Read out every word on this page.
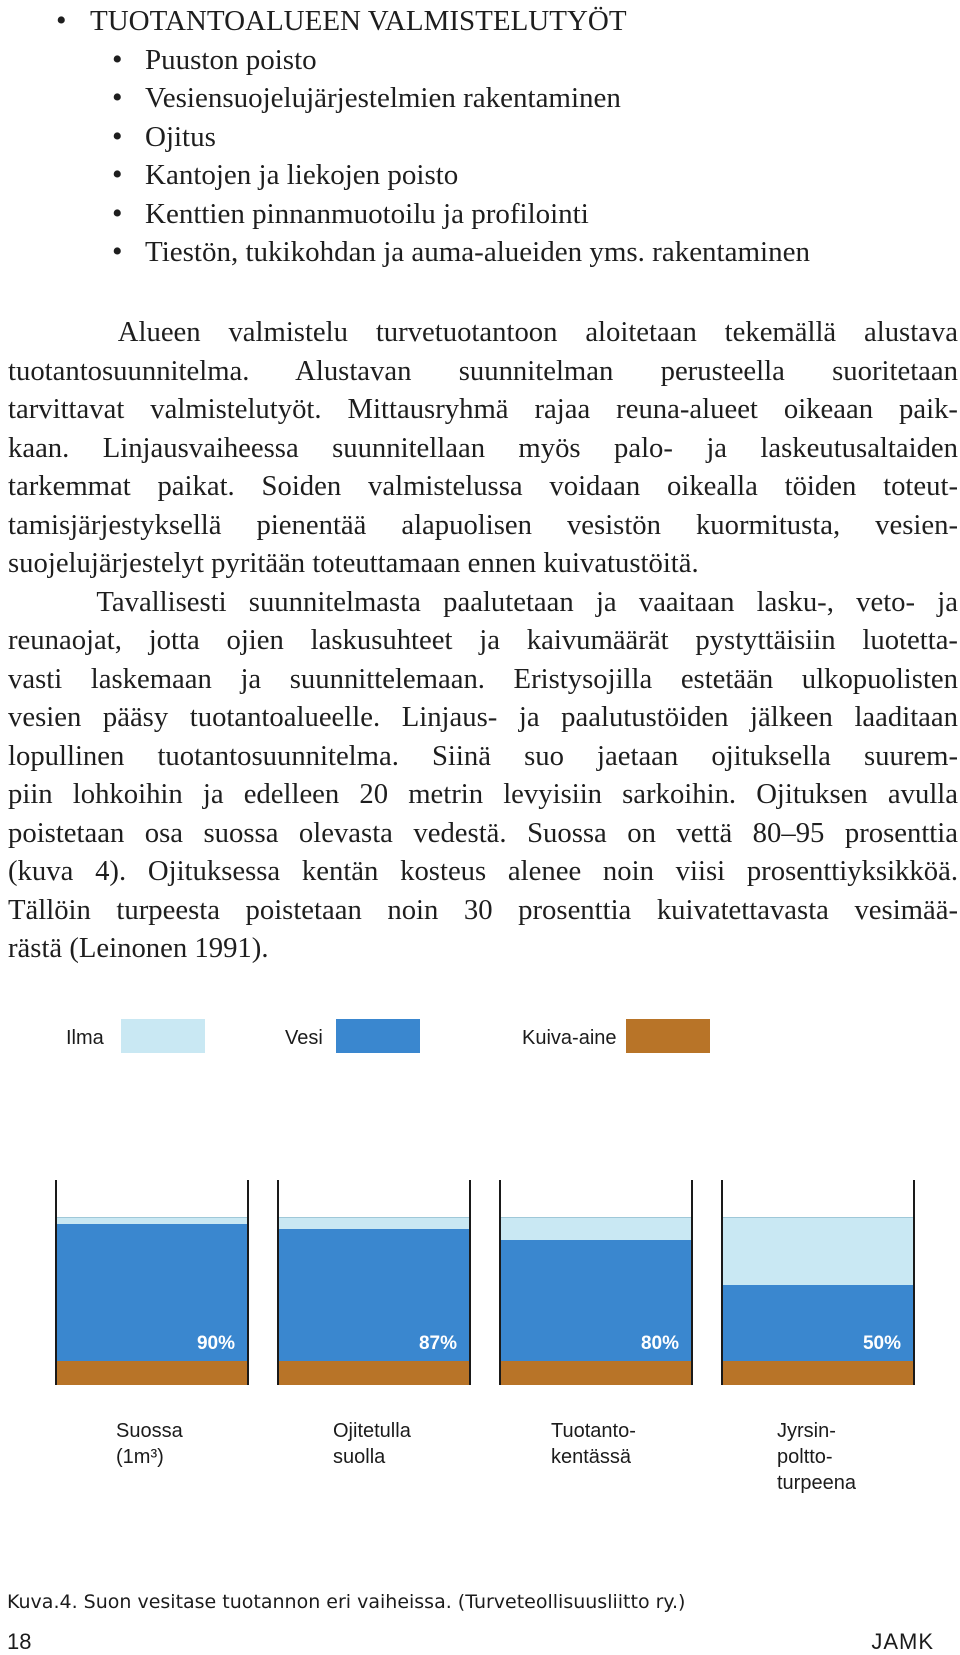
• TUOTANTOALUEEN VALMISTELUTYÖT
• Puuston poisto
• Vesiensuojelujärjestelmien rakentaminen
• Ojitus
• Kantojen ja liekojen poisto
• Kenttien pinnanmuotoilu ja profilointi
• Tiestön, tukikohdan ja auma-alueiden yms. rakentaminen
Alueen valmistelu turvetuotantoon aloitetaan tekemällä alustava
tuotantosuunnitelma. Alustavan suunnitelman perusteella suoritetaan
tarvittavat valmistelutyöt. Mittausryhmä rajaa reuna-alueet oikeaan paik-
kaan. Linjausvaiheessa suunnitellaan myös palo- ja laskeutusaltaiden
tarkemmat paikat. Soiden valmistelussa voidaan oikealla töiden toteut-
tamisjärjestyksellä pienentää alapuolisen vesistön kuormitusta, vesien-
suojelujärjestelyt pyritään toteuttamaan ennen kuivatustöitä.
Tavallisesti suunnitelmasta paalutetaan ja vaaitaan lasku-, veto- ja
reunaojat, jotta ojien laskusuhteet ja kaivumäärät pystyttäisiin luotetta-
vasti laskemaan ja suunnittelemaan. Eristysojilla estetään ulkopuolisten
vesien pääsy tuotantoalueelle. Linjaus- ja paalutustöiden jälkeen laaditaan
lopullinen tuotantosuunnitelma. Siinä suo jaetaan ojituksella suurem-
piin lohkoihin ja edelleen 20 metrin levyisiin sarkoihin. Ojituksen avulla
poistetaan osa suossa olevasta vedestä. Suossa on vettä 80–95 prosenttia
(kuva 4). Ojituksessa kentän kosteus alenee noin viisi prosenttiyksikköä.
Tällöin turpeesta poistetaan noin 30 prosenttia kuivatettavasta vesimää-
rästä (Leinonen 1991).
Ilma	Vesi	Kuiva-aine
90%	87%	80%	50%
Suossa
(1m³)
Ojitetulla
suolla
Tuotanto-
kentässä
Jyrsin-
poltto-
turpeena
Kuva.4. Suon vesitase tuotannon eri vaiheissa. (Turveteollisuusliitto ry.)
18	JAMK
